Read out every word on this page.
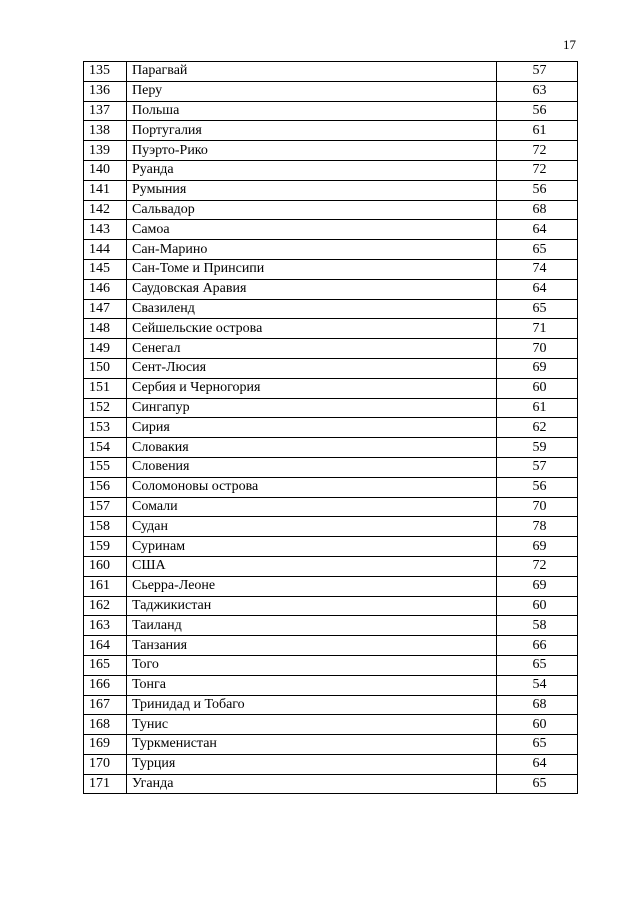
17
135	Парагвай	57
136	Перу	63
137	Польша	56
138	Португалия	61
139	Пуэрто-Рико	72
140	Руанда	72
141	Румыния	56
142	Сальвадор	68
143	Самоа	64
144	Сан-Марино	65
145	Сан-Томе и Принсипи	74
146	Саудовская Аравия	64
147	Свазиленд	65
148	Сейшельские острова	71
149	Сенегал	70
150	Сент-Люсия	69
151	Сербия и Черногория	60
152	Сингапур	61
153	Сирия	62
154	Словакия	59
155	Словения	57
156	Соломоновы острова	56
157	Сомали	70
158	Судан	78
159	Суринам	69
160	США	72
161	Сьерра-Леоне	69
162	Таджикистан	60
163	Таиланд	58
164	Танзания	66
165	Того	65
166	Тонга	54
167	Тринидад и Тобаго	68
168	Тунис	60
169	Туркменистан	65
170	Турция	64
171	Уганда	65
